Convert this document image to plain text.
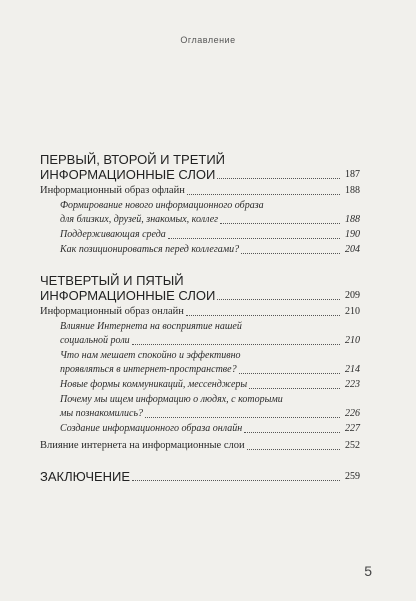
Оглавление
ПЕРВЫЙ, ВТОРОЙ И ТРЕТИЙ
ИНФОРМАЦИОННЫЕ СЛОИ	187
Информационный образ офлайн	188
Формирование нового информационного образа
для близких, друзей, знакомых, коллег	188
Поддерживающая среда	190
Как позиционироваться перед коллегами?	204
ЧЕТВЕРТЫЙ И ПЯТЫЙ
ИНФОРМАЦИОННЫЕ СЛОИ	209
Информационный образ онлайн	210
Влияние Интернета на восприятие нашей
социальной роли	210
Что нам мешает спокойно и эффективно
проявляться в интернет-пространстве?	214
Новые формы коммуникаций, мессенджеры	223
Почему мы ищем информацию о людях, с которыми
мы познакомились?	226
Создание информационного образа онлайн	227
Влияние интернета на информационные слои	252
ЗАКЛЮЧЕНИЕ	259
5
